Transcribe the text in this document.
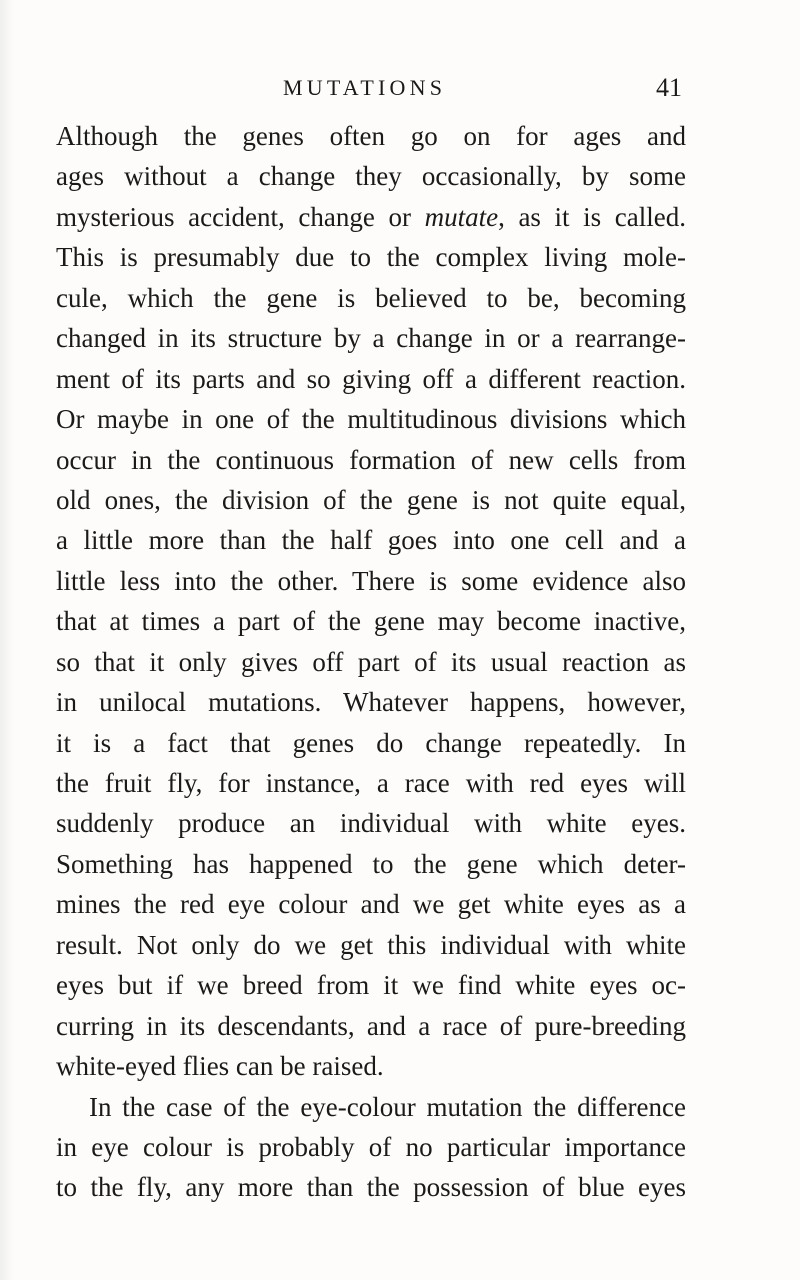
MUTATIONS	41
Although the genes often go on for ages and
ages without a change they occasionally, by some
mysterious accident, change or mutate, as it is called.
This is presumably due to the complex living mole-
cule, which the gene is believed to be, becoming
changed in its structure by a change in or a rearrange-
ment of its parts and so giving off a different reaction.
Or maybe in one of the multitudinous divisions which
occur in the continuous formation of new cells from
old ones, the division of the gene is not quite equal,
a little more than the half goes into one cell and a
little less into the other. There is some evidence also
that at times a part of the gene may become inactive,
so that it only gives off part of its usual reaction as
in unilocal mutations. Whatever happens, however,
it is a fact that genes do change repeatedly. In
the fruit fly, for instance, a race with red eyes will
suddenly produce an individual with white eyes.
Something has happened to the gene which deter-
mines the red eye colour and we get white eyes as a
result. Not only do we get this individual with white
eyes but if we breed from it we find white eyes oc-
curring in its descendants, and a race of pure-breeding
white-eyed flies can be raised.
In the case of the eye-colour mutation the difference
in eye colour is probably of no particular importance
to the fly, any more than the possession of blue eyes
